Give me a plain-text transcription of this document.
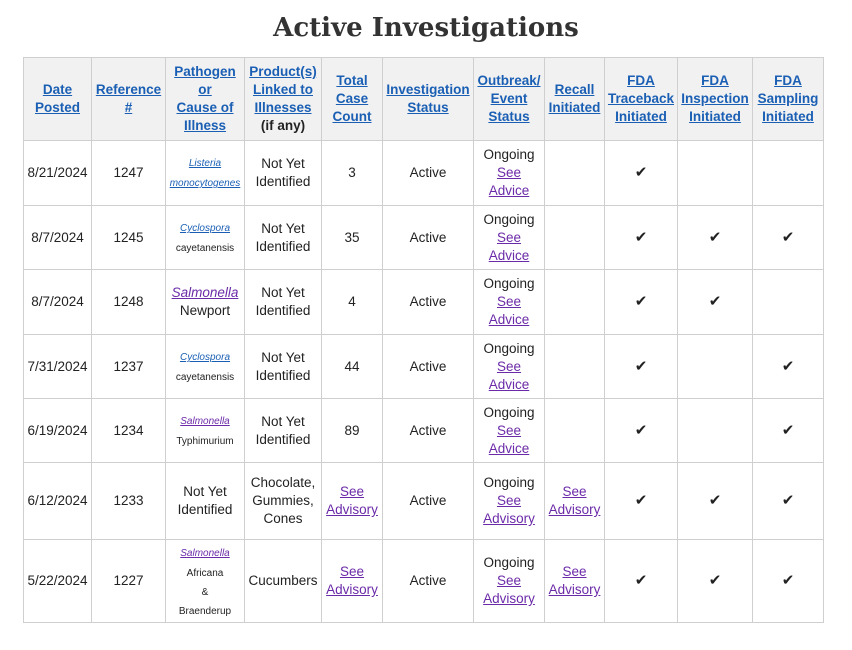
Active Investigations
Date Posted	Reference #	Pathogen
or
Cause of
Illness	Product(s) Linked to Illnesses
(if any)	Total Case Count	Investigation Status	Outbreak/ Event Status	Recall Initiated	FDA Traceback Initiated	FDA Inspection Initiated	FDA Sampling Initiated
8/21/2024	1247	Listeria monocytogenes	Not Yet Identified	3	Active	Ongoing
See Advice		✔		
8/7/2024	1245	Cyclospora
cayetanensis	Not Yet Identified	35	Active	Ongoing
See Advice		✔	✔	✔
8/7/2024	1248	Salmonella
Newport	Not Yet Identified	4	Active	Ongoing
See Advice		✔	✔	
7/31/2024	1237	Cyclospora
cayetanensis	Not Yet Identified	44	Active	Ongoing
See Advice		✔		✔
6/19/2024	1234	Salmonella
Typhimurium	Not Yet Identified	89	Active	Ongoing
See Advice		✔		✔
6/12/2024	1233	Not Yet Identified	Chocolate, Gummies, Cones	See Advisory	Active	Ongoing
See Advisory	See Advisory	✔	✔	✔
5/22/2024	1227	Salmonella
Africana
&
Braenderup	Cucumbers	See Advisory	Active	Ongoing
See Advisory	See Advisory	✔	✔	✔
